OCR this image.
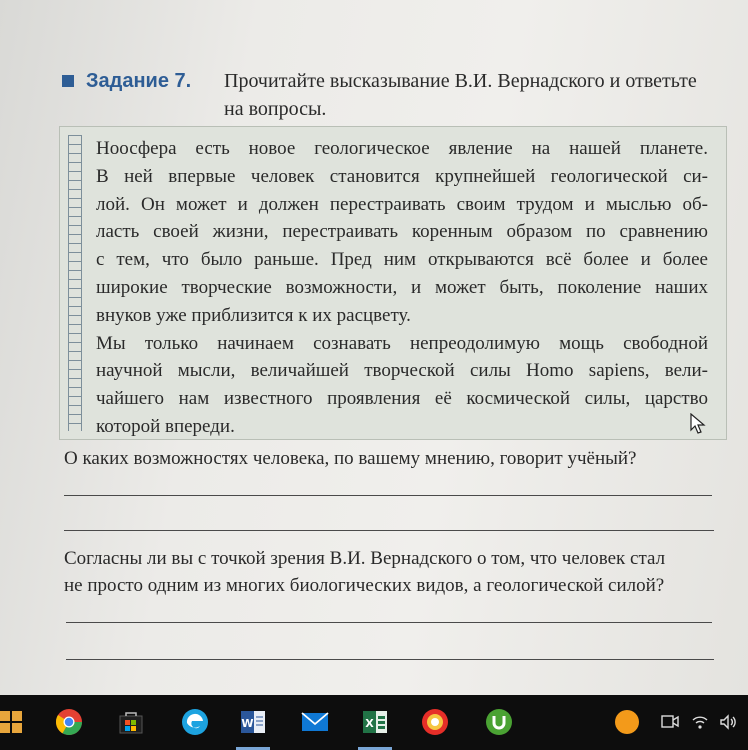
Задание 7. Прочитайте высказывание В.И. Вернадского и ответьте
на вопросы.
Ноосфера есть новое геологическое явление на нашей планете.
В ней впервые человек становится крупнейшей геологической си-
лой. Он может и должен перестраивать своим трудом и мыслью об-
ласть своей жизни, перестраивать коренным образом по сравнению
с тем, что было раньше. Пред ним открываются всё более и более
широкие творческие возможности, и может быть, поколение наших
внуков уже приблизится к их расцвету.
Мы только начинаем сознавать непреодолимую мощь свободной
научной мысли, величайшей творческой силы Homo sapiens, вели-
чайшего нам известного проявления её космической силы, царство
которой впереди.
О каких возможностях человека, по вашему мнению, говорит учёный?
Согласны ли вы с точкой зрения В.И. Вернадского о том, что человек стал
не просто одним из многих биологических видов, а геологической силой?
W	X
